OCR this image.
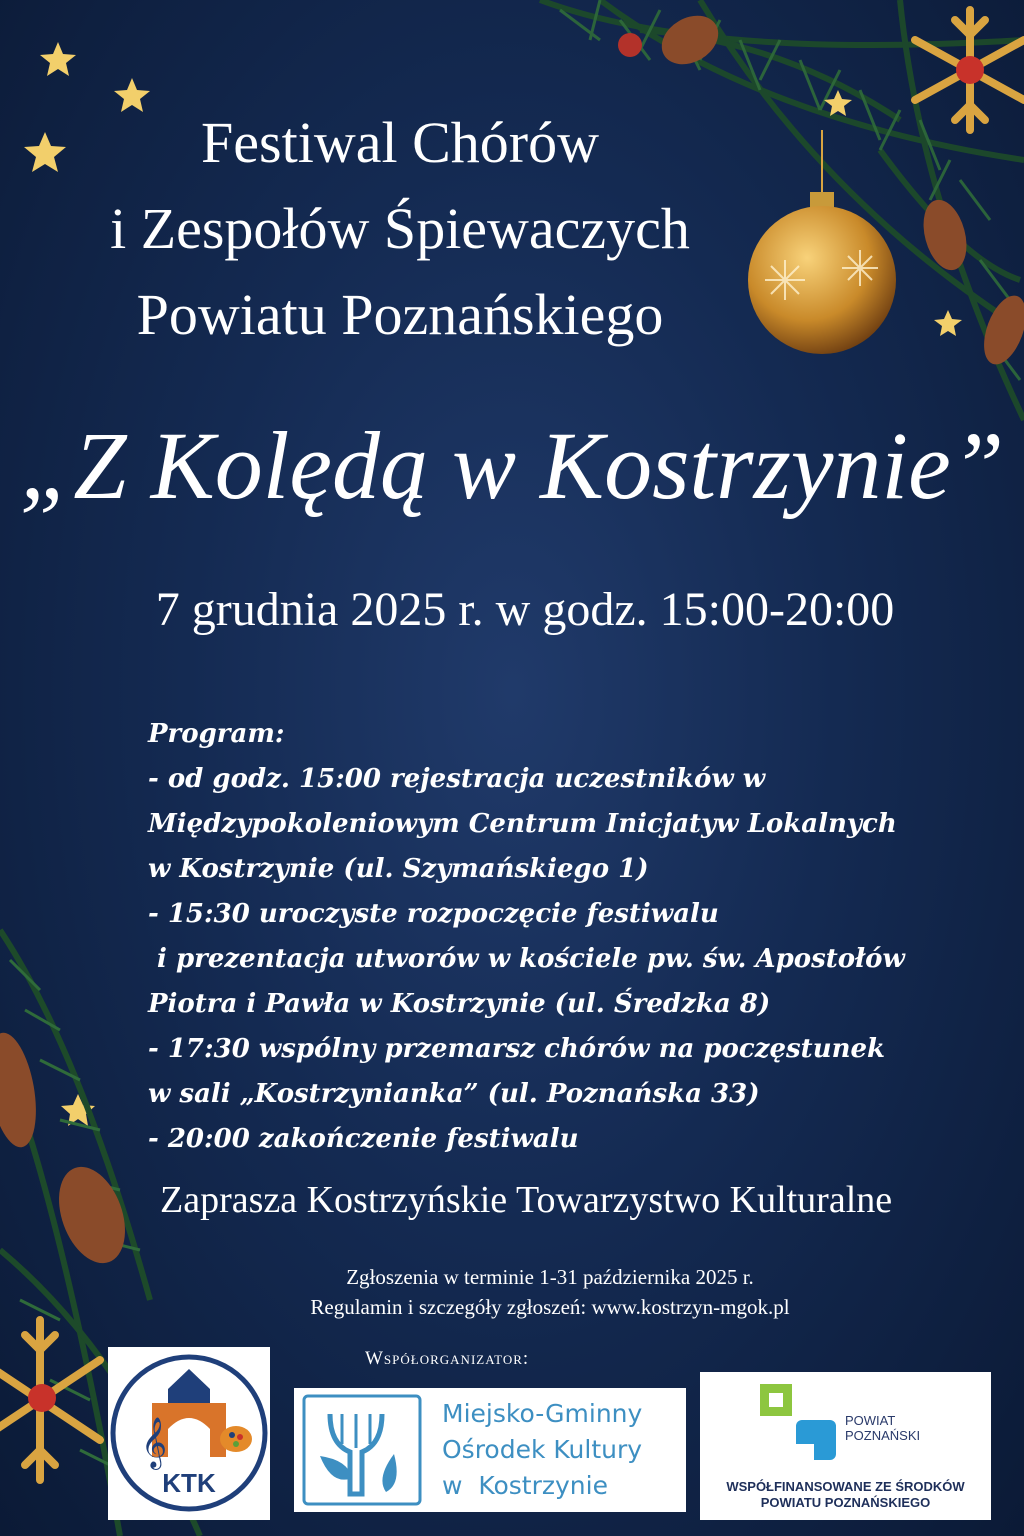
Festiwal Chórów
i Zespołów Śpiewaczych
Powiatu Poznańskiego
„Z Kolędą w Kostrzynie”
7 grudnia 2025 r. w godz. 15:00-20:00
Program:
- od godz. 15:00 rejestracja uczestników w
Międzypokoleniowym Centrum Inicjatyw Lokalnych
w Kostrzynie (ul. Szymańskiego 1)
- 15:30 uroczyste rozpoczęcie festiwalu
i prezentacja utworów w kościele pw. św. Apostołów
Piotra i Pawła w Kostrzynie (ul. Średzka 8)
- 17:30 wspólny przemarsz chórów na poczęstunek
w sali „Kostrzynianka” (ul. Poznańska 33)
- 20:00 zakończenie festiwalu
Zaprasza Kostrzyńskie Towarzystwo Kulturalne
Zgłoszenia w terminie 1-31 października 2025 r.
Regulamin i szczegóły zgłoszeń: www.kostrzyn-mgok.pl
Współorganizator:
𝄞
KTK
Miejsko-Gminny
Ośrodek Kultury
w  Kostrzynie
POWIAT
POZNAŃSKI
WSPÓŁFINANSOWANE ZE ŚRODKÓW
POWIATU POZNAŃSKIEGO
